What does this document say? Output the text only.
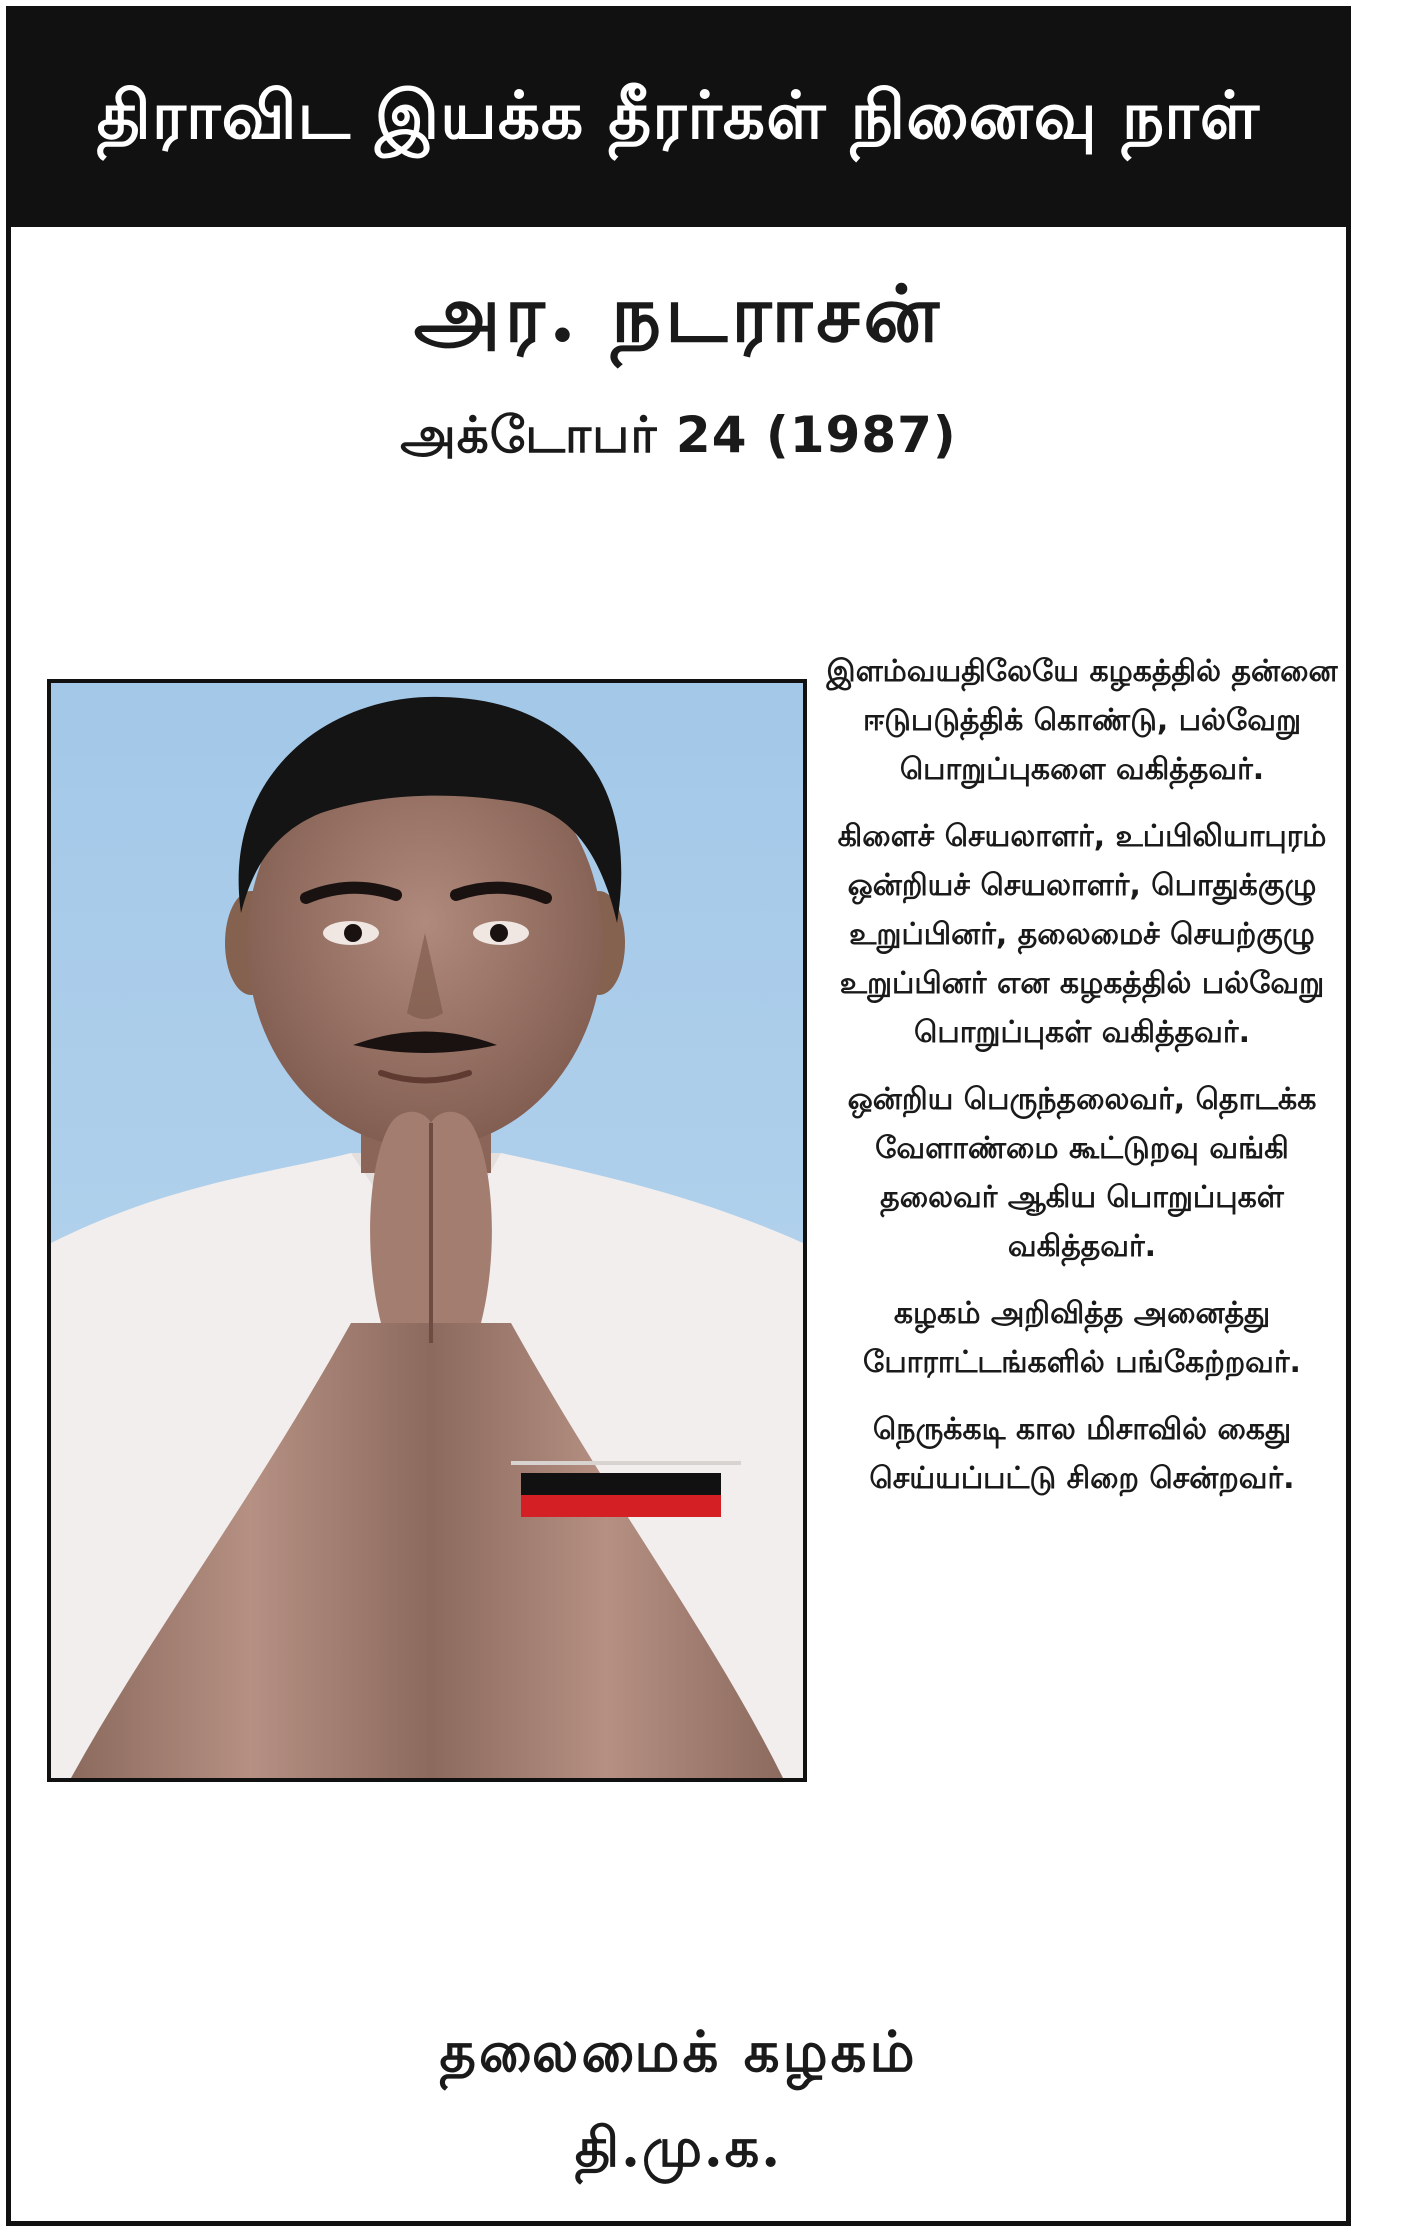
திராவிட இயக்க தீரர்கள் நினைவு நாள்
அர. நடராசன்
அக்டோபர் 24 (1987)

இளம்வயதிலேயே கழகத்தில் தன்னை ஈடுபடுத்திக் கொண்டு, பல்வேறு பொறுப்புகளை வகித்தவர்.

கிளைச் செயலாளர், உப்பிலியாபுரம் ஒன்றியச் செயலாளர், பொதுக்குழு உறுப்பினர், தலைமைச் செயற்குழு உறுப்பினர் என கழகத்தில் பல்வேறு பொறுப்புகள் வகித்தவர்.

ஒன்றிய பெருந்தலைவர், தொடக்க வேளாண்மை கூட்டுறவு வங்கி தலைவர் ஆகிய பொறுப்புகள் வகித்தவர்.

கழகம் அறிவித்த அனைத்து போராட்டங்களில் பங்கேற்றவர்.

நெருக்கடி கால மிசாவில் கைது செய்யப்பட்டு சிறை சென்றவர்.

தலைமைக் கழகம்
தி.மு.க.
